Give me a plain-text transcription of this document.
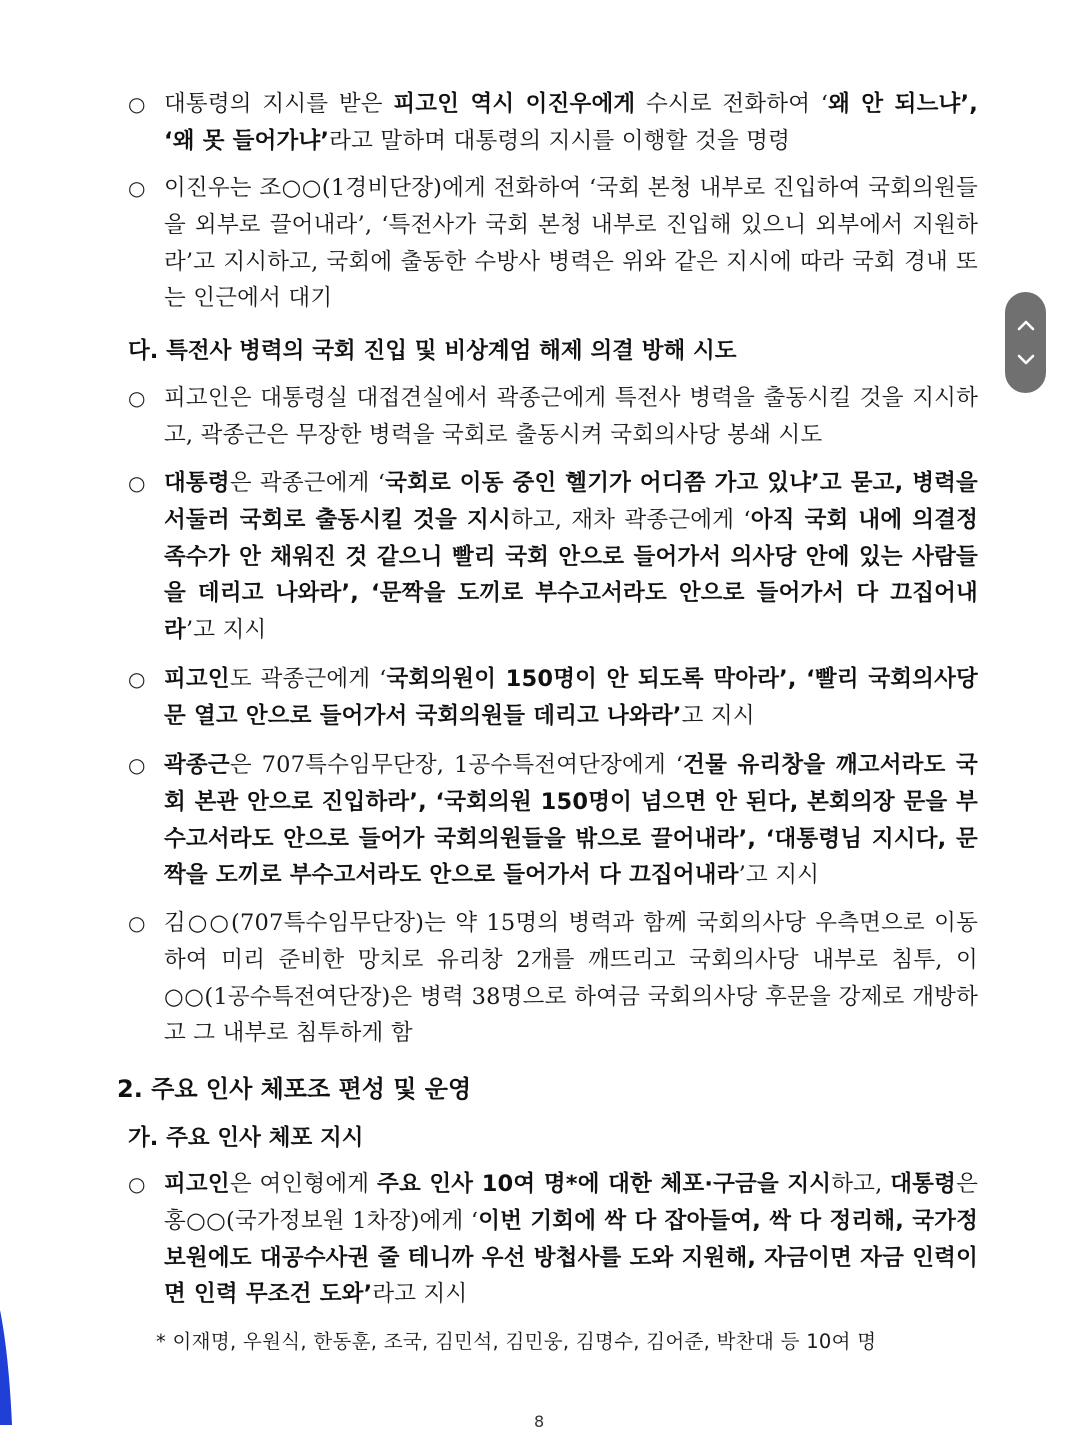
○ 대통령의 지시를 받은 피고인 역시 이진우에게 수시로 전화하여 ‘왜 안 되느냐’, ‘왜 못 들어가냐’라고 말하며 대통령의 지시를 이행할 것을 명령
○ 이진우는 조○○(1경비단장)에게 전화하여 ‘국회 본청 내부로 진입하여 국회의원들을 외부로 끌어내라’, ‘특전사가 국회 본청 내부로 진입해 있으니 외부에서 지원하라’고 지시하고, 국회에 출동한 수방사 병력은 위와 같은 지시에 따라 국회 경내 또는 인근에서 대기
다. 특전사 병력의 국회 진입 및 비상계엄 해제 의결 방해 시도
○ 피고인은 대통령실 대접견실에서 곽종근에게 특전사 병력을 출동시킬 것을 지시하고, 곽종근은 무장한 병력을 국회로 출동시켜 국회의사당 봉쇄 시도
○ 대통령은 곽종근에게 ‘국회로 이동 중인 헬기가 어디쯤 가고 있냐’고 묻고, 병력을 서둘러 국회로 출동시킬 것을 지시하고, 재차 곽종근에게 ‘아직 국회 내에 의결정족수가 안 채워진 것 같으니 빨리 국회 안으로 들어가서 의사당 안에 있는 사람들을 데리고 나와라’, ‘문짝을 도끼로 부수고서라도 안으로 들어가서 다 끄집어내라’고 지시
○ 피고인도 곽종근에게 ‘국회의원이 150명이 안 되도록 막아라’, ‘빨리 국회의사당 문 열고 안으로 들어가서 국회의원들 데리고 나와라’고 지시
○ 곽종근은 707특수임무단장, 1공수특전여단장에게 ‘건물 유리창을 깨고서라도 국회 본관 안으로 진입하라’, ‘국회의원 150명이 넘으면 안 된다, 본회의장 문을 부수고서라도 안으로 들어가 국회의원들을 밖으로 끌어내라’, ‘대통령님 지시다, 문짝을 도끼로 부수고서라도 안으로 들어가서 다 끄집어내라’고 지시
○ 김○○(707특수임무단장)는 약 15명의 병력과 함께 국회의사당 우측면으로 이동하여 미리 준비한 망치로 유리창 2개를 깨뜨리고 국회의사당 내부로 침투, 이○○(1공수특전여단장)은 병력 38명으로 하여금 국회의사당 후문을 강제로 개방하고 그 내부로 침투하게 함
2. 주요 인사 체포조 편성 및 운영
가. 주요 인사 체포 지시
○ 피고인은 여인형에게 주요 인사 10여 명*에 대한 체포·구금을 지시하고, 대통령은 홍○○(국가정보원 1차장)에게 ‘이번 기회에 싹 다 잡아들여, 싹 다 정리해, 국가정보원에도 대공수사권 줄 테니까 우선 방첩사를 도와 지원해, 자금이면 자금 인력이면 인력 무조건 도와’라고 지시
* 이재명, 우원식, 한동훈, 조국, 김민석, 김민웅, 김명수, 김어준, 박찬대 등 10여 명
8
